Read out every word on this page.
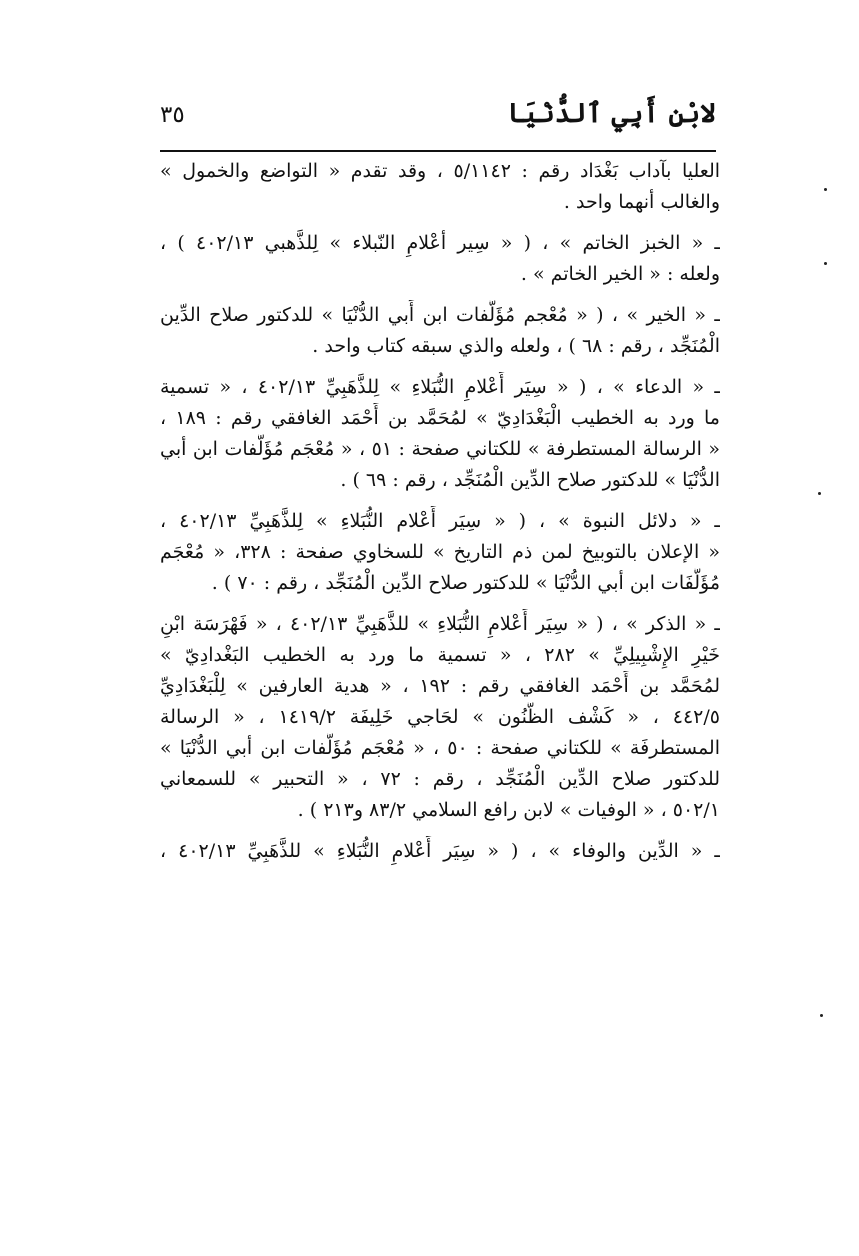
لابْنِ أَبِي ٱلدُّنْيَا
٣٥
العليا بآداب بَغْدَاد رقم : ٥/١١٤٢ ، وقد تقدم « التواضع والخمول »
والغالب أنهما واحد .
ـ « الخبز الخاتم » ، ( « سِير أعْلامِ النّبلاء » لِلذَّهبي ٤٠٢/١٣ ) ،
ولعله : « الخير الخاتم » .
ـ « الخير » ، ( « مُعْجم مُؤَلَّفات ابن أَبي الدُّنْيَا » للدكتور صلاح الدِّين
الْمُنَجِّد ، رقم : ٦٨ ) ، ولعله والذي سبقه كتاب واحد .
ـ « الدعاء » ، ( « سِيَر أَعْلامِ النُّبَلاءِ » لِلذَّهَبِيِّ ٤٠٢/١٣ ، « تسمية
ما ورد به الخطيب الْبَغْدَادِيّ » لمُحَمَّد بن أَحْمَد الغافقي رقم : ١٨٩ ،
« الرسالة المستطرفة » للكتاني صفحة : ٥١ ، « مُعْجَم مُؤَلَّفات ابن أبي
الدُّنْيَا » للدكتور صلاح الدِّين الْمُنَجِّد ، رقم : ٦٩ ) .
ـ « دلائل النبوة » ، ( « سِيَر أَعْلام النُّبَلاءِ » لِلذَّهَبِيِّ ٤٠٢/١٣ ،
« الإعلان بالتوبيخ لمن ذم التاريخ » للسخاوي صفحة : ٣٢٨، « مُعْجَم
مُؤَلَّفَات ابن أبي الدُّنْيَا » للدكتور صلاح الدِّين الْمُنَجِّد ، رقم : ٧٠ ) .
ـ « الذكر » ، ( « سِيَر أَعْلامِ النُّبَلاءِ » للذَّهَبِيِّ ٤٠٢/١٣ ، « فَهْرَسَة ابْنِ
خَيْرِ الإِشْبِيلِيِّ » ٢٨٢ ، « تسمية ما ورد به الخطيب البَغْدادِيّ »
لمُحَمَّد بن أَحْمَد الغافقي رقم : ١٩٢ ، « هدية العارفين » لِلْبَغْدَادِيِّ
٤٤٢/٥ ، « كَشْف الظُّنُون » لحَاجي خَلِيفَة ١٤١٩/٢ ، « الرسالة
المستطرفَة » للكتاني صفحة : ٥٠ ، « مُعْجَم مُؤَلَّفات ابن أبي الدُّنْيَا »
للدكتور صلاح الدِّين الْمُنَجِّد ، رقم : ٧٢ ، « التحبير » للسمعاني
٥٠٢/١ ، « الوفيات » لابن رافع السلامي ٨٣/٢ و٢١٣ ) .
ـ « الدِّين والوفاء » ، ( « سِيَر أَعْلامِ النُّبَلاءِ » للذَّهَبِيِّ ٤٠٢/١٣ ،
